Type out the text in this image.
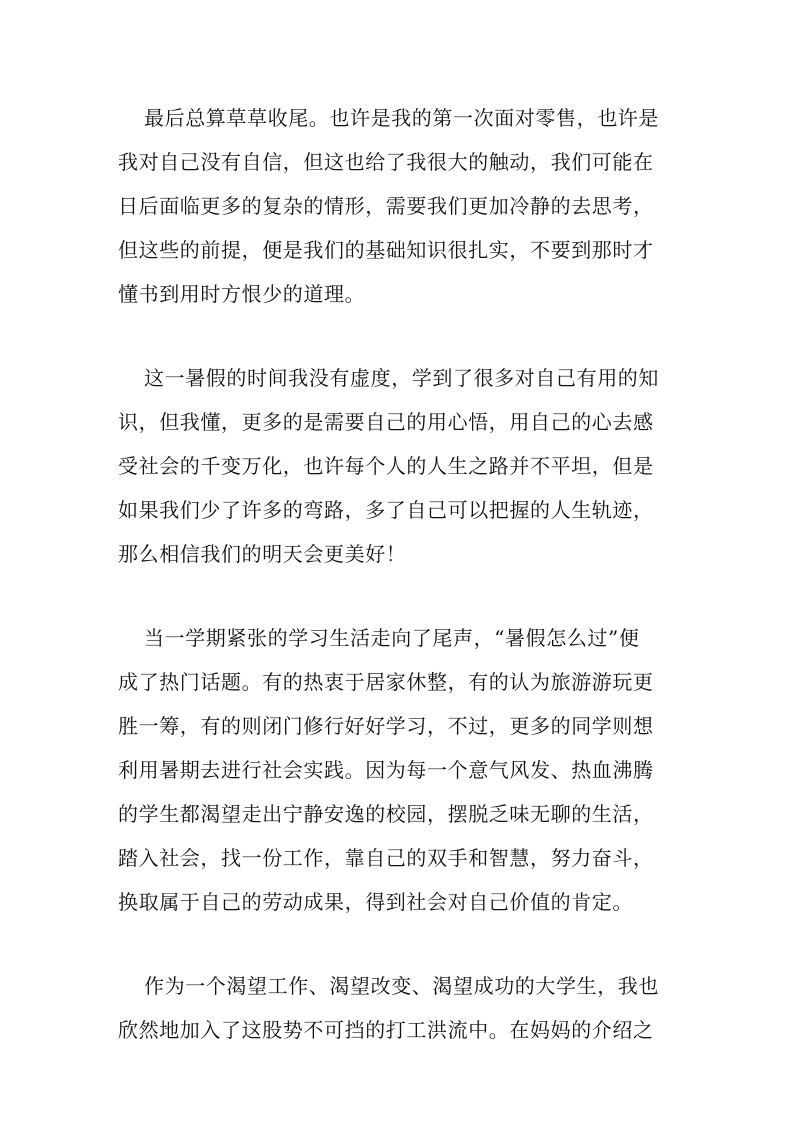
最后总算草草收尾。也许是我的第一次面对零售，也许是
我对自己没有自信，但这也给了我很大的触动，我们可能在
日后面临更多的复杂的情形，需要我们更加冷静的去思考，
但这些的前提，便是我们的基础知识很扎实，不要到那时才
懂书到用时方恨少的道理。
这一暑假的时间我没有虚度，学到了很多对自己有用的知
识，但我懂，更多的是需要自己的用心悟，用自己的心去感
受社会的千变万化，也许每个人的人生之路并不平坦，但是
如果我们少了许多的弯路，多了自己可以把握的人生轨迹，
那么相信我们的明天会更美好！
当一学期紧张的学习生活走向了尾声，“暑假怎么过”便
成了热门话题。有的热衷于居家休整，有的认为旅游游玩更
胜一筹，有的则闭门修行好好学习，不过，更多的同学则想
利用暑期去进行社会实践。因为每一个意气风发、热血沸腾
的学生都渴望走出宁静安逸的校园，摆脱乏味无聊的生活，
踏入社会，找一份工作，靠自己的双手和智慧，努力奋斗，
换取属于自己的劳动成果，得到社会对自己价值的肯定。
作为一个渴望工作、渴望改变、渴望成功的大学生，我也
欣然地加入了这股势不可挡的打工洪流中。在妈妈的介绍之
